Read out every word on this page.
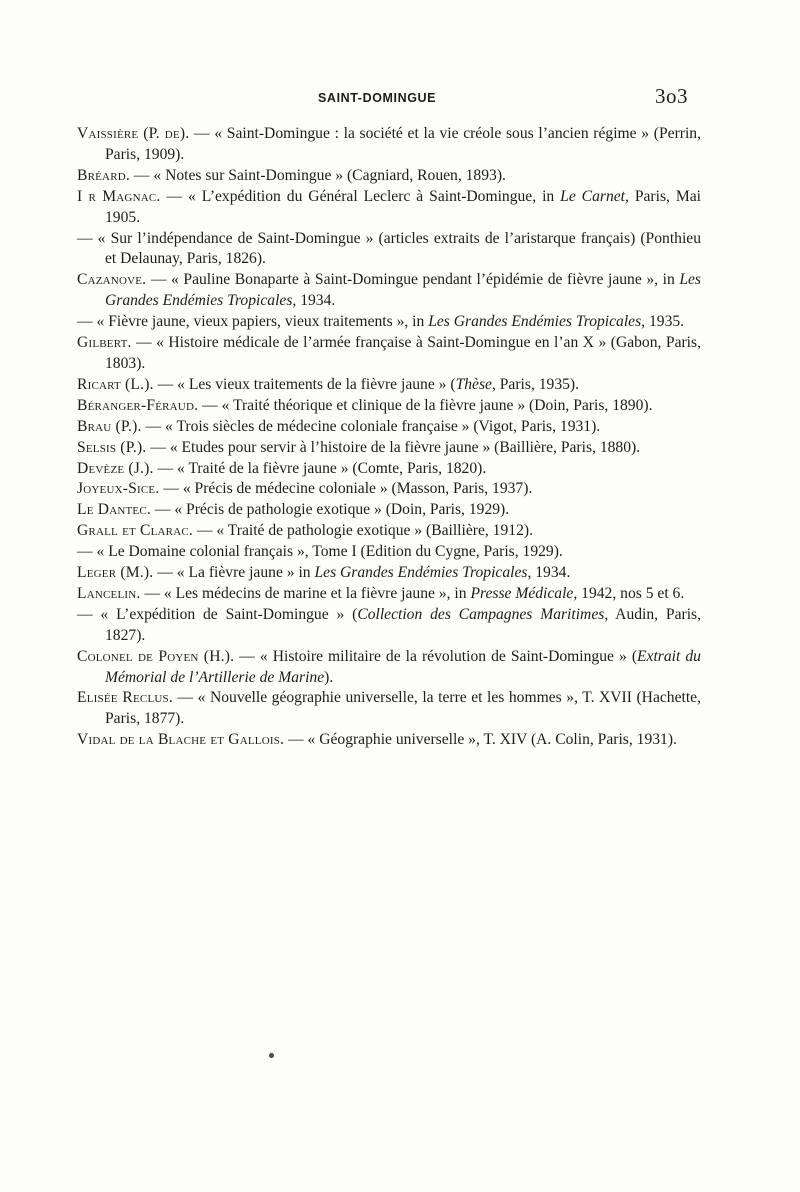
SAINT-DOMINGUE	3o3

Vaissière (P. de). — « Saint-Domingue : la société et la vie créole sous l’ancien régime » (Perrin, Paris, 1909).

Bréard. — « Notes sur Saint-Domingue » (Cagniard, Rouen, 1893).

I r Magnac. — « L’expédition du Général Leclerc à Saint-Domingue, in Le Carnet, Paris, Mai 1905.

— « Sur l’indépendance de Saint-Domingue » (articles extraits de l’aristarque français) (Ponthieu et Delaunay, Paris, 1826).

Cazanove. — « Pauline Bonaparte à Saint-Domingue pendant l’épidémie de fièvre jaune », in Les Grandes Endémies Tropicales, 1934.

— « Fièvre jaune, vieux papiers, vieux traitements », in Les Grandes Endémies Tropicales, 1935.

Gilbert. — « Histoire médicale de l’armée française à Saint-Domingue en l’an X » (Gabon, Paris, 1803).

Ricart (L.). — « Les vieux traitements de la fièvre jaune » (Thèse, Paris, 1935).

Béranger-Féraud. — « Traité théorique et clinique de la fièvre jaune » (Doin, Paris, 1890).

Brau (P.). — « Trois siècles de médecine coloniale française » (Vigot, Paris, 1931).

Selsis (P.). — « Etudes pour servir à l’histoire de la fièvre jaune » (Baillière, Paris, 1880).

Devèze (J.). — « Traité de la fièvre jaune » (Comte, Paris, 1820).

Joyeux-Sice. — « Précis de médecine coloniale » (Masson, Paris, 1937).

Le Dantec. — « Précis de pathologie exotique » (Doin, Paris, 1929).

Grall et Clarac. — « Traité de pathologie exotique » (Baillière, 1912).

— « Le Domaine colonial français », Tome I (Edition du Cygne, Paris, 1929).

Leger (M.). — « La fièvre jaune » in Les Grandes Endémies Tropicales, 1934.

Lancelin. — « Les médecins de marine et la fièvre jaune », in Presse Médicale, 1942, nos 5 et 6.

— « L’expédition de Saint-Domingue » (Collection des Campagnes Maritimes, Audin, Paris, 1827).

Colonel de Poyen (H.). — « Histoire militaire de la révolution de Saint-Domingue » (Extrait du Mémorial de l’Artillerie de Marine).

Elisée Reclus. — « Nouvelle géographie universelle, la terre et les hommes », T. XVII (Hachette, Paris, 1877).

Vidal de la Blache et Gallois. — « Géographie universelle », T. XIV (A. Colin, Paris, 1931).
